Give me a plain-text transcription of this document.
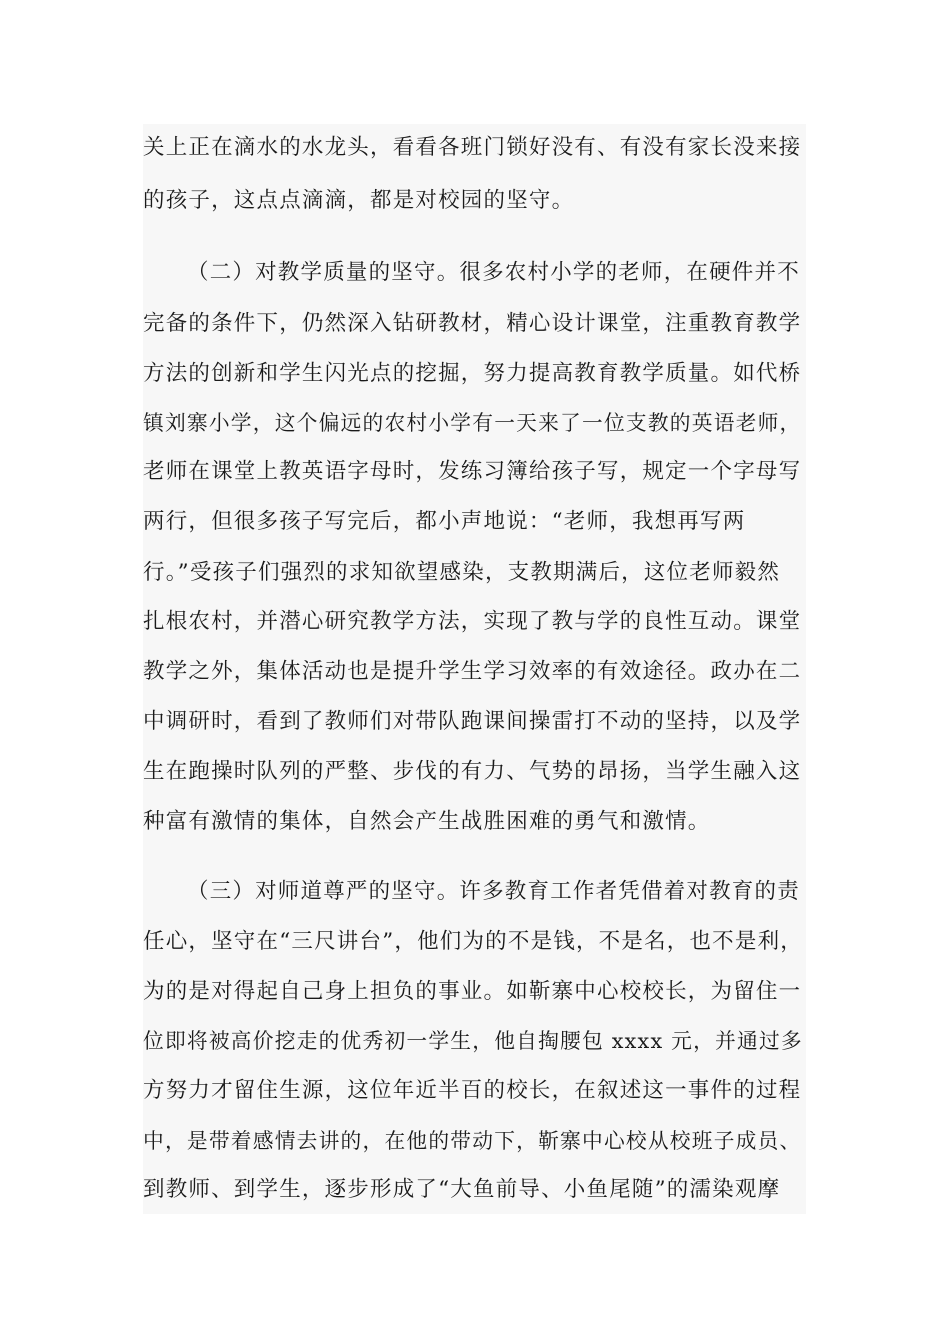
关上正在滴水的水龙头，看看各班门锁好没有、有没有家长没来接
的孩子，这点点滴滴，都是对校园的坚守。
（二）对教学质量的坚守。很多农村小学的老师，在硬件并不
完备的条件下，仍然深入钻研教材，精心设计课堂，注重教育教学
方法的创新和学生闪光点的挖掘，努力提高教育教学质量。如代桥
镇刘寨小学，这个偏远的农村小学有一天来了一位支教的英语老师，
老师在课堂上教英语字母时，发练习簿给孩子写，规定一个字母写
两行，但很多孩子写完后，都小声地说：“老师，我想再写两
行。”受孩子们强烈的求知欲望感染，支教期满后，这位老师毅然
扎根农村，并潜心研究教学方法，实现了教与学的良性互动。课堂
教学之外，集体活动也是提升学生学习效率的有效途径。政办在二
中调研时，看到了教师们对带队跑课间操雷打不动的坚持，以及学
生在跑操时队列的严整、步伐的有力、气势的昂扬，当学生融入这
种富有激情的集体，自然会产生战胜困难的勇气和激情。
（三）对师道尊严的坚守。许多教育工作者凭借着对教育的责
任心，坚守在“三尺讲台”，他们为的不是钱，不是名，也不是利，
为的是对得起自己身上担负的事业。如靳寨中心校校长，为留住一
位即将被高价挖走的优秀初一学生，他自掏腰包 xxxx 元，并通过多
方努力才留住生源，这位年近半百的校长，在叙述这一事件的过程
中，是带着感情去讲的，在他的带动下，靳寨中心校从校班子成员、
到教师、到学生，逐步形成了“大鱼前导、小鱼尾随”的濡染观摩
